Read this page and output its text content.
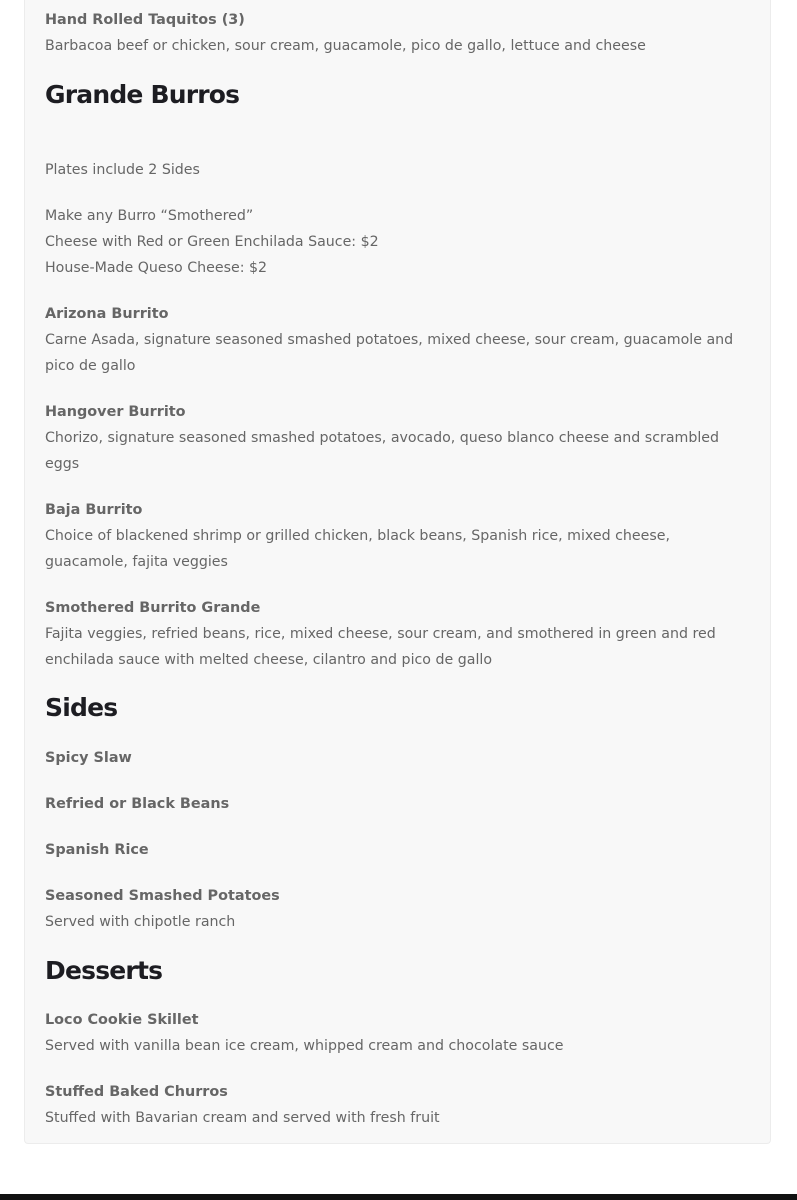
Hand Rolled Taquitos (3)

Barbacoa beef or chicken, sour cream, guacamole, pico de gallo, lettuce and cheese

Grande Burros

Plates include 2 Sides

Make any Burro “Smothered”

Cheese with Red or Green Enchilada Sauce: $2

House-Made Queso Cheese: $2

Arizona Burrito

Carne Asada, signature seasoned smashed potatoes, mixed cheese, sour cream, guacamole and pico de gallo

Hangover Burrito

Chorizo, signature seasoned smashed potatoes, avocado, queso blanco cheese and scrambled eggs

Baja Burrito

Choice of blackened shrimp or grilled chicken, black beans, Spanish rice, mixed cheese, guacamole, fajita veggies

Smothered Burrito Grande

Fajita veggies, refried beans, rice, mixed cheese, sour cream, and smothered in green and red enchilada sauce with melted cheese, cilantro and pico de gallo

Sides

Spicy Slaw

Refried or Black Beans

Spanish Rice

Seasoned Smashed Potatoes

Served with chipotle ranch

Desserts

Loco Cookie Skillet

Served with vanilla bean ice cream, whipped cream and chocolate sauce

Stuffed Baked Churros

Stuffed with Bavarian cream and served with fresh fruit
